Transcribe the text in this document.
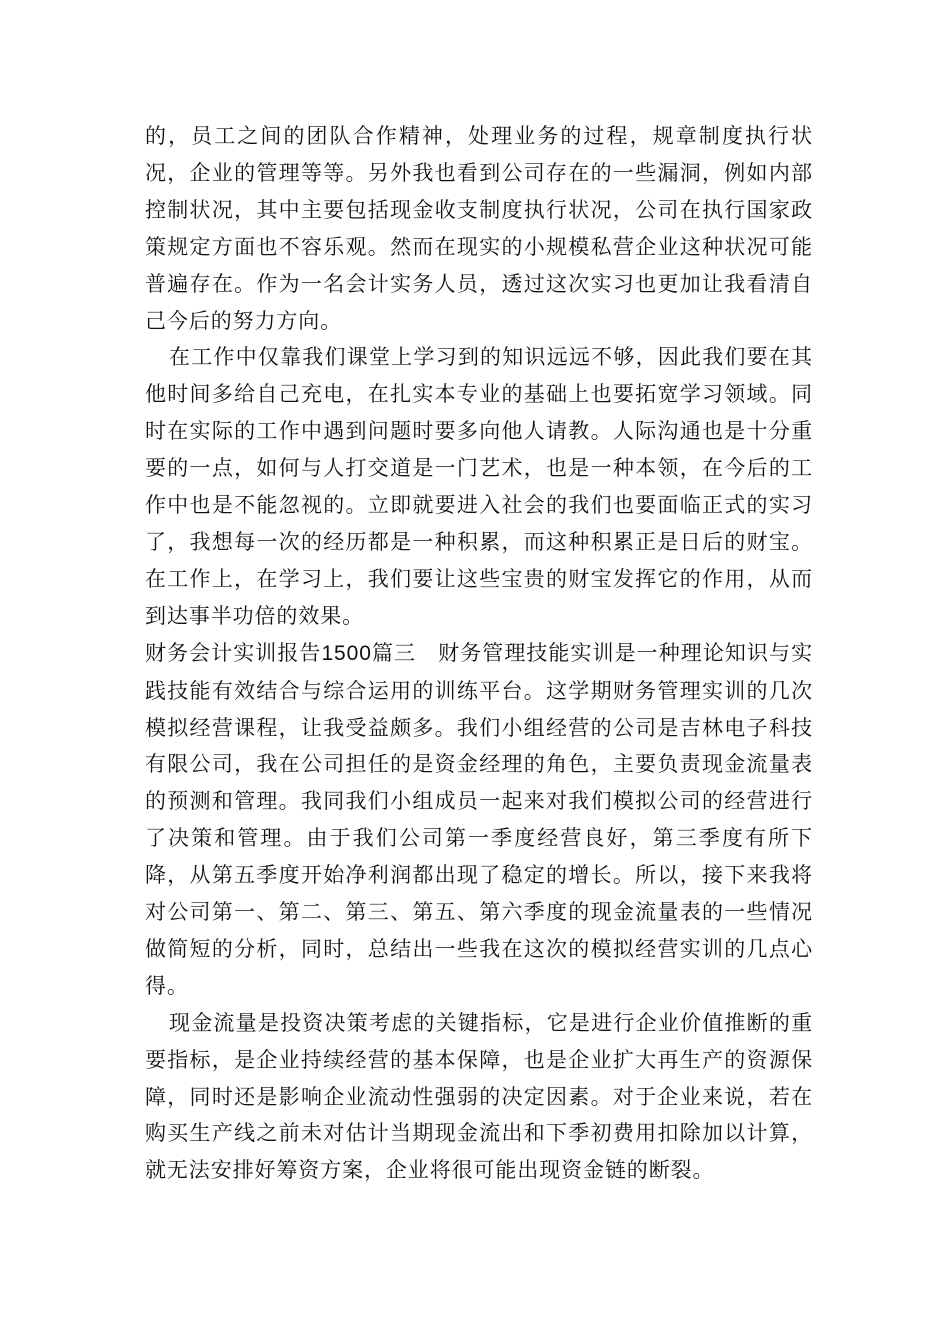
的，员工之间的团队合作精神，处理业务的过程，规章制度执行状况，企业的管理等等。另外我也看到公司存在的一些漏洞，例如内部控制状况，其中主要包括现金收支制度执行状况，公司在执行国家政策规定方面也不容乐观。然而在现实的小规模私营企业这种状况可能普遍存在。作为一名会计实务人员，透过这次实习也更加让我看清自己今后的努力方向。

在工作中仅靠我们课堂上学习到的知识远远不够，因此我们要在其他时间多给自己充电，在扎实本专业的基础上也要拓宽学习领域。同时在实际的工作中遇到问题时要多向他人请教。人际沟通也是十分重要的一点，如何与人打交道是一门艺术，也是一种本领，在今后的工作中也是不能忽视的。立即就要进入社会的我们也要面临正式的实习了，我想每一次的经历都是一种积累，而这种积累正是日后的财宝。在工作上，在学习上，我们要让这些宝贵的财宝发挥它的作用，从而到达事半功倍的效果。

财务会计实训报告1500篇三　 财务管理技能实训是一种理论知识与实践技能有效结合与综合运用的训练平台。这学期财务管理实训的几次模拟经营课程，让我受益颇多。我们小组经营的公司是吉林电子科技有限公司，我在公司担任的是资金经理的角色，主要负责现金流量表的预测和管理。我同我们小组成员一起来对我们模拟公司的经营进行了决策和管理。由于我们公司第一季度经营良好，第三季度有所下降，从第五季度开始净利润都出现了稳定的增长。所以，接下来我将对公司第一、第二、第三、第五、第六季度的现金流量表的一些情况做简短的分析，同时，总结出一些我在这次的模拟经营实训的几点心得。

现金流量是投资决策考虑的关键指标，它是进行企业价值推断的重要指标，是企业持续经营的基本保障，也是企业扩大再生产的资源保障，同时还是影响企业流动性强弱的决定因素。对于企业来说，若在购买生产线之前未对估计当期现金流出和下季初费用扣除加以计算，就无法安排好筹资方案，企业将很可能出现资金链的断裂。
